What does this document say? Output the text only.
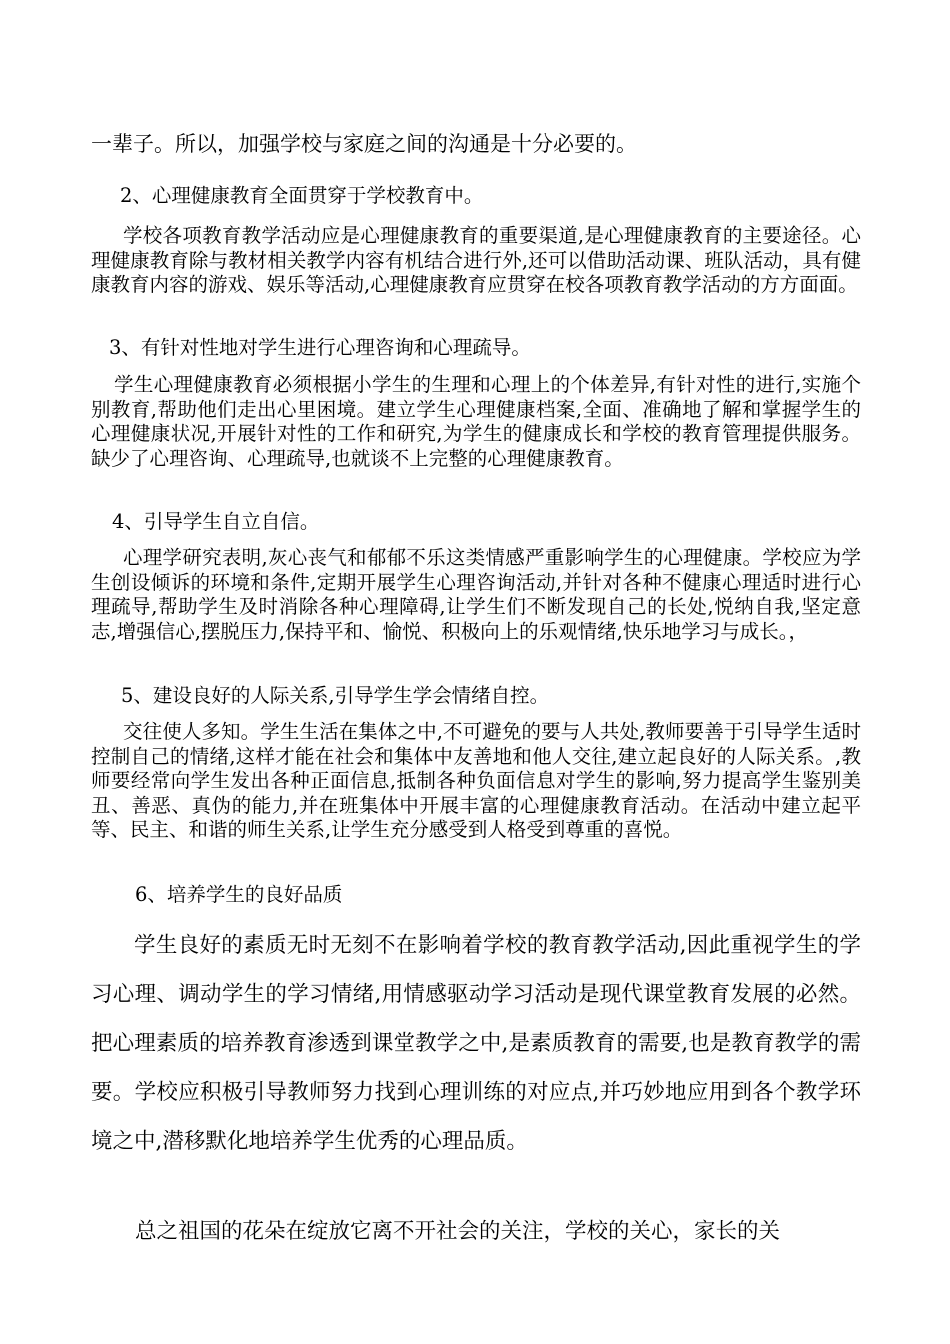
一辈子。所以，加强学校与家庭之间的沟通是十分必要的。
2、心理健康教育全面贯穿于学校教育中。

学校各项教育教学活动应是心理健康教育的重要渠道,是心理健康教育的主要途径。心理健康教育除与教材相关教学内容有机结合进行外,还可以借助活动课、班队活动，具有健康教育内容的游戏、娱乐等活动,心理健康教育应贯穿在校各项教育教学活动的方方面面。

3、有针对性地对学生进行心理咨询和心理疏导。

学生心理健康教育必须根据小学生的生理和心理上的个体差异,有针对性的进行,实施个别教育,帮助他们走出心里困境。建立学生心理健康档案,全面、准确地了解和掌握学生的心理健康状况,开展针对性的工作和研究,为学生的健康成长和学校的教育管理提供服务。缺少了心理咨询、心理疏导,也就谈不上完整的心理健康教育。

4、引导学生自立自信。

心理学研究表明,灰心丧气和郁郁不乐这类情感严重影响学生的心理健康。学校应为学生创设倾诉的环境和条件,定期开展学生心理咨询活动,并针对各种不健康心理适时进行心理疏导,帮助学生及时消除各种心理障碍,让学生们不断发现自己的长处,悦纳自我,坚定意志,增强信心,摆脱压力,保持平和、愉悦、积极向上的乐观情绪,快乐地学习与成长。，

5、建设良好的人际关系,引导学生学会情绪自控。

交往使人多知。学生生活在集体之中,不可避免的要与人共处,教师要善于引导学生适时控制自己的情绪,这样才能在社会和集体中友善地和他人交往,建立起良好的人际关系。,教师要经常向学生发出各种正面信息,抵制各种负面信息对学生的影响,努力提高学生鉴别美丑、善恶、真伪的能力,并在班集体中开展丰富的心理健康教育活动。在活动中建立起平等、民主、和谐的师生关系,让学生充分感受到人格受到尊重的喜悦。

6、培养学生的良好品质

学生良好的素质无时无刻不在影响着学校的教育教学活动,因此重视学生的学习心理、调动学生的学习情绪,用情感驱动学习活动是现代课堂教育发展的必然。把心理素质的培养教育渗透到课堂教学之中,是素质教育的需要,也是教育教学的需要。学校应积极引导教师努力找到心理训练的对应点,并巧妙地应用到各个教学环境之中,潜移默化地培养学生优秀的心理品质。

总之祖国的花朵在绽放它离不开社会的关注，学校的关心，家长的关
